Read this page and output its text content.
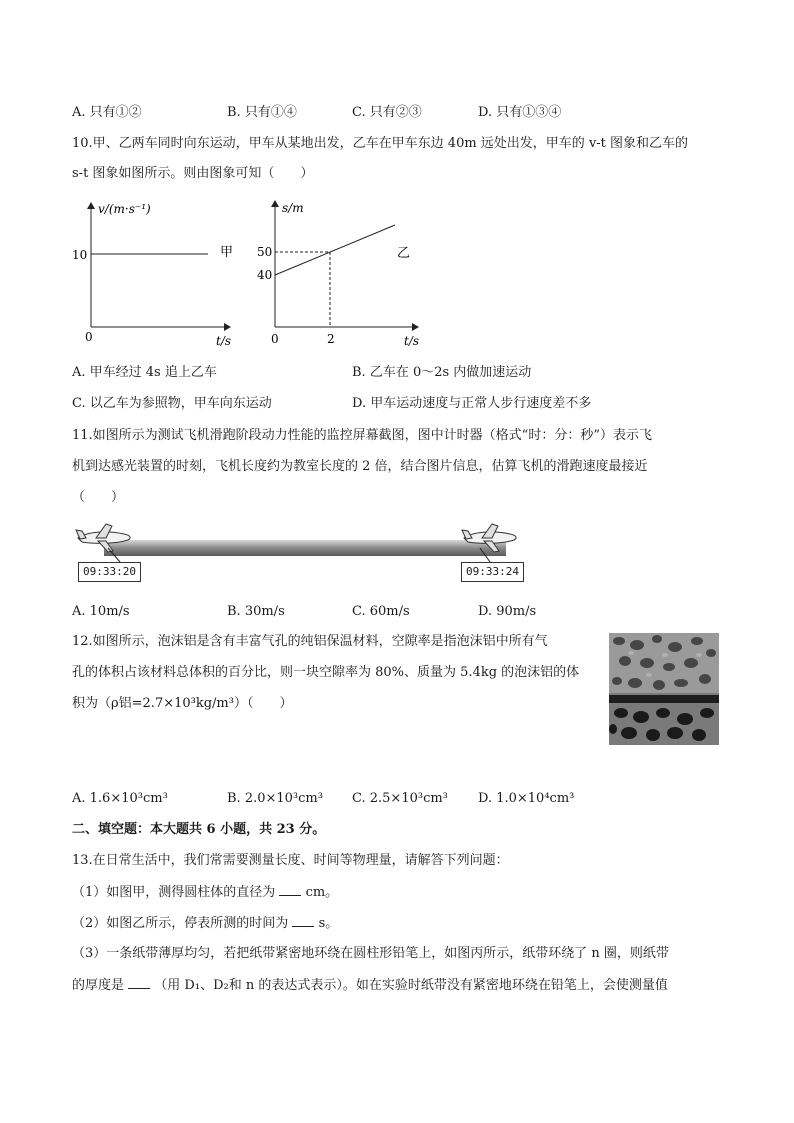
A. 只有①②	B. 只有①④	C. 只有②③	D. 只有①③④
10.甲、乙两车同时向东运动，甲车从某地出发，乙车在甲车东边 40m 远处出发，甲车的 v-t 图象和乙车的
s-t 图象如图所示。则由图象可知（　　）
v/(m·s⁻¹)
t/s
0
10	甲
s/m
t/s
0	2
50
40
乙
A. 甲车经过 4s 追上乙车	B. 乙车在 0～2s 内做加速运动
C. 以乙车为参照物，甲车向东运动	D. 甲车运动速度与正常人步行速度差不多
11.如图所示为测试飞机滑跑阶段动力性能的监控屏幕截图，图中计时器（格式“时：分：秒”）表示飞
机到达感光装置的时刻，飞机长度约为教室长度的 2 倍，结合图片信息，估算飞机的滑跑速度最接近
（　　）
09:33:20	09:33:24
A. 10m/s	B. 30m/s	C. 60m/s	D. 90m/s
12.如图所示，泡沫铝是含有丰富气孔的纯铝保温材料，空隙率是指泡沫铝中所有气
孔的体积占该材料总体积的百分比，则一块空隙率为 80%、质量为 5.4kg 的泡沫铝的体
积为（ρ铝=2.7×10³kg/m³）（　　）
A. 1.6×10³cm³	B. 2.0×10³cm³ C. 2.5×10³cm³ D. 1.0×10⁴cm³
二、填空题：本大题共 6 小题，共 23 分。
13.在日常生活中，我们常需要测量长度、时间等物理量，请解答下列问题：
（1）如图甲，测得圆柱体的直径为 cm。
（2）如图乙所示，停表所测的时间为 s。
（3）一条纸带薄厚均匀，若把纸带紧密地环绕在圆柱形铅笔上，如图丙所示，纸带环绕了 n 圈，则纸带
的厚度是 （用 D₁、D₂和 n 的表达式表示）。如在实验时纸带没有紧密地环绕在铅笔上，会使测量值
